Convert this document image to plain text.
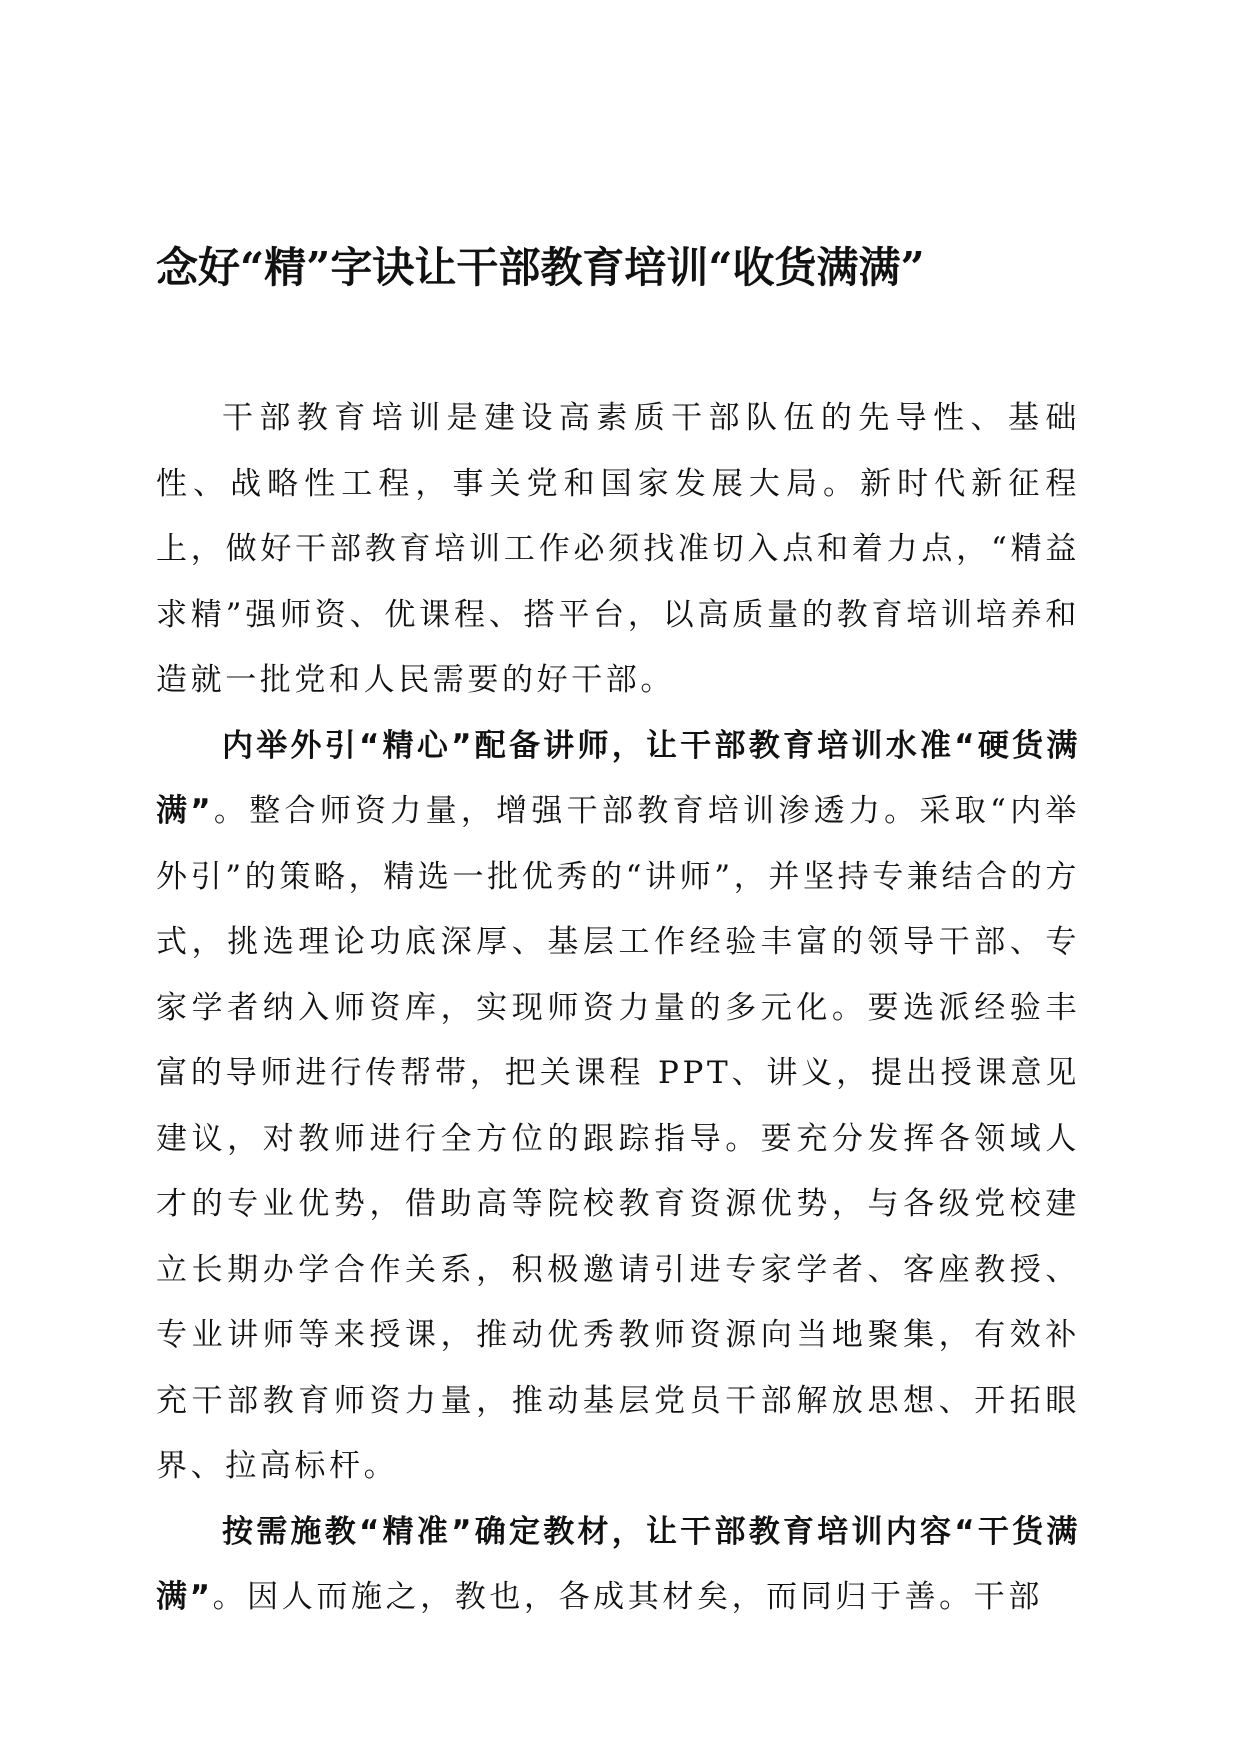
念好“精”字诀让干部教育培训“收货满满”

干部教育培训是建设高素质干部队伍的先导性、基础性、战略性工程，事关党和国家发展大局。新时代新征程上，做好干部教育培训工作必须找准切入点和着力点，“精益求精”强师资、优课程、搭平台，以高质量的教育培训培养和造就一批党和人民需要的好干部。

内举外引“精心”配备讲师，让干部教育培训水准“硬货满满”。整合师资力量，增强干部教育培训渗透力。采取“内举外引”的策略，精选一批优秀的“讲师”，并坚持专兼结合的方式，挑选理论功底深厚、基层工作经验丰富的领导干部、专家学者纳入师资库，实现师资力量的多元化。要选派经验丰富的导师进行传帮带，把关课程 PPT、讲义，提出授课意见建议，对教师进行全方位的跟踪指导。要充分发挥各领域人才的专业优势，借助高等院校教育资源优势，与各级党校建立长期办学合作关系，积极邀请引进专家学者、客座教授、专业讲师等来授课，推动优秀教师资源向当地聚集，有效补充干部教育师资力量，推动基层党员干部解放思想、开拓眼界、拉高标杆。

按需施教“精准”确定教材，让干部教育培训内容“干货满满”。因人而施之，教也，各成其材矣，而同归于善。干部
